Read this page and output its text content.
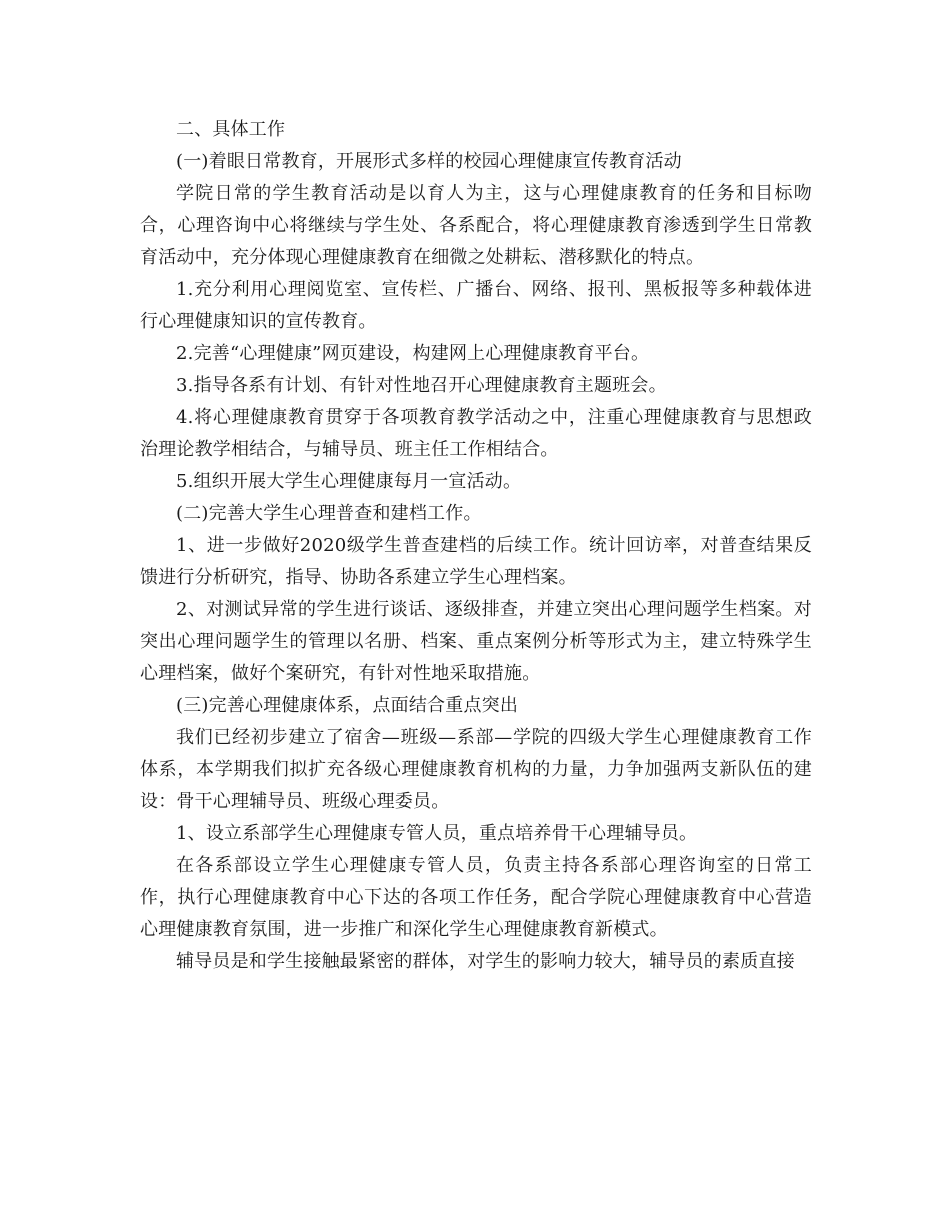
二、具体工作

(一)着眼日常教育，开展形式多样的校园心理健康宣传教育活动

学院日常的学生教育活动是以育人为主，这与心理健康教育的任务和目标吻合，心理咨询中心将继续与学生处、各系配合，将心理健康教育渗透到学生日常教育活动中，充分体现心理健康教育在细微之处耕耘、潜移默化的特点。

1.充分利用心理阅览室、宣传栏、广播台、网络、报刊、黑板报等多种载体进行心理健康知识的宣传教育。

2.完善“心理健康”网页建设，构建网上心理健康教育平台。

3.指导各系有计划、有针对性地召开心理健康教育主题班会。

4.将心理健康教育贯穿于各项教育教学活动之中，注重心理健康教育与思想政治理论教学相结合，与辅导员、班主任工作相结合。

5.组织开展大学生心理健康每月一宣活动。

(二)完善大学生心理普查和建档工作。

1、进一步做好2020级学生普查建档的后续工作。统计回访率，对普查结果反馈进行分析研究，指导、协助各系建立学生心理档案。

2、对测试异常的学生进行谈话、逐级排查，并建立突出心理问题学生档案。对突出心理问题学生的管理以名册、档案、重点案例分析等形式为主，建立特殊学生心理档案，做好个案研究，有针对性地采取措施。

(三)完善心理健康体系，点面结合重点突出

我们已经初步建立了宿舍—班级—系部—学院的四级大学生心理健康教育工作体系，本学期我们拟扩充各级心理健康教育机构的力量，力争加强两支新队伍的建设：骨干心理辅导员、班级心理委员。

1、设立系部学生心理健康专管人员，重点培养骨干心理辅导员。

在各系部设立学生心理健康专管人员，负责主持各系部心理咨询室的日常工作，执行心理健康教育中心下达的各项工作任务，配合学院心理健康教育中心营造心理健康教育氛围，进一步推广和深化学生心理健康教育新模式。

辅导员是和学生接触最紧密的群体，对学生的影响力较大，辅导员的素质直接
